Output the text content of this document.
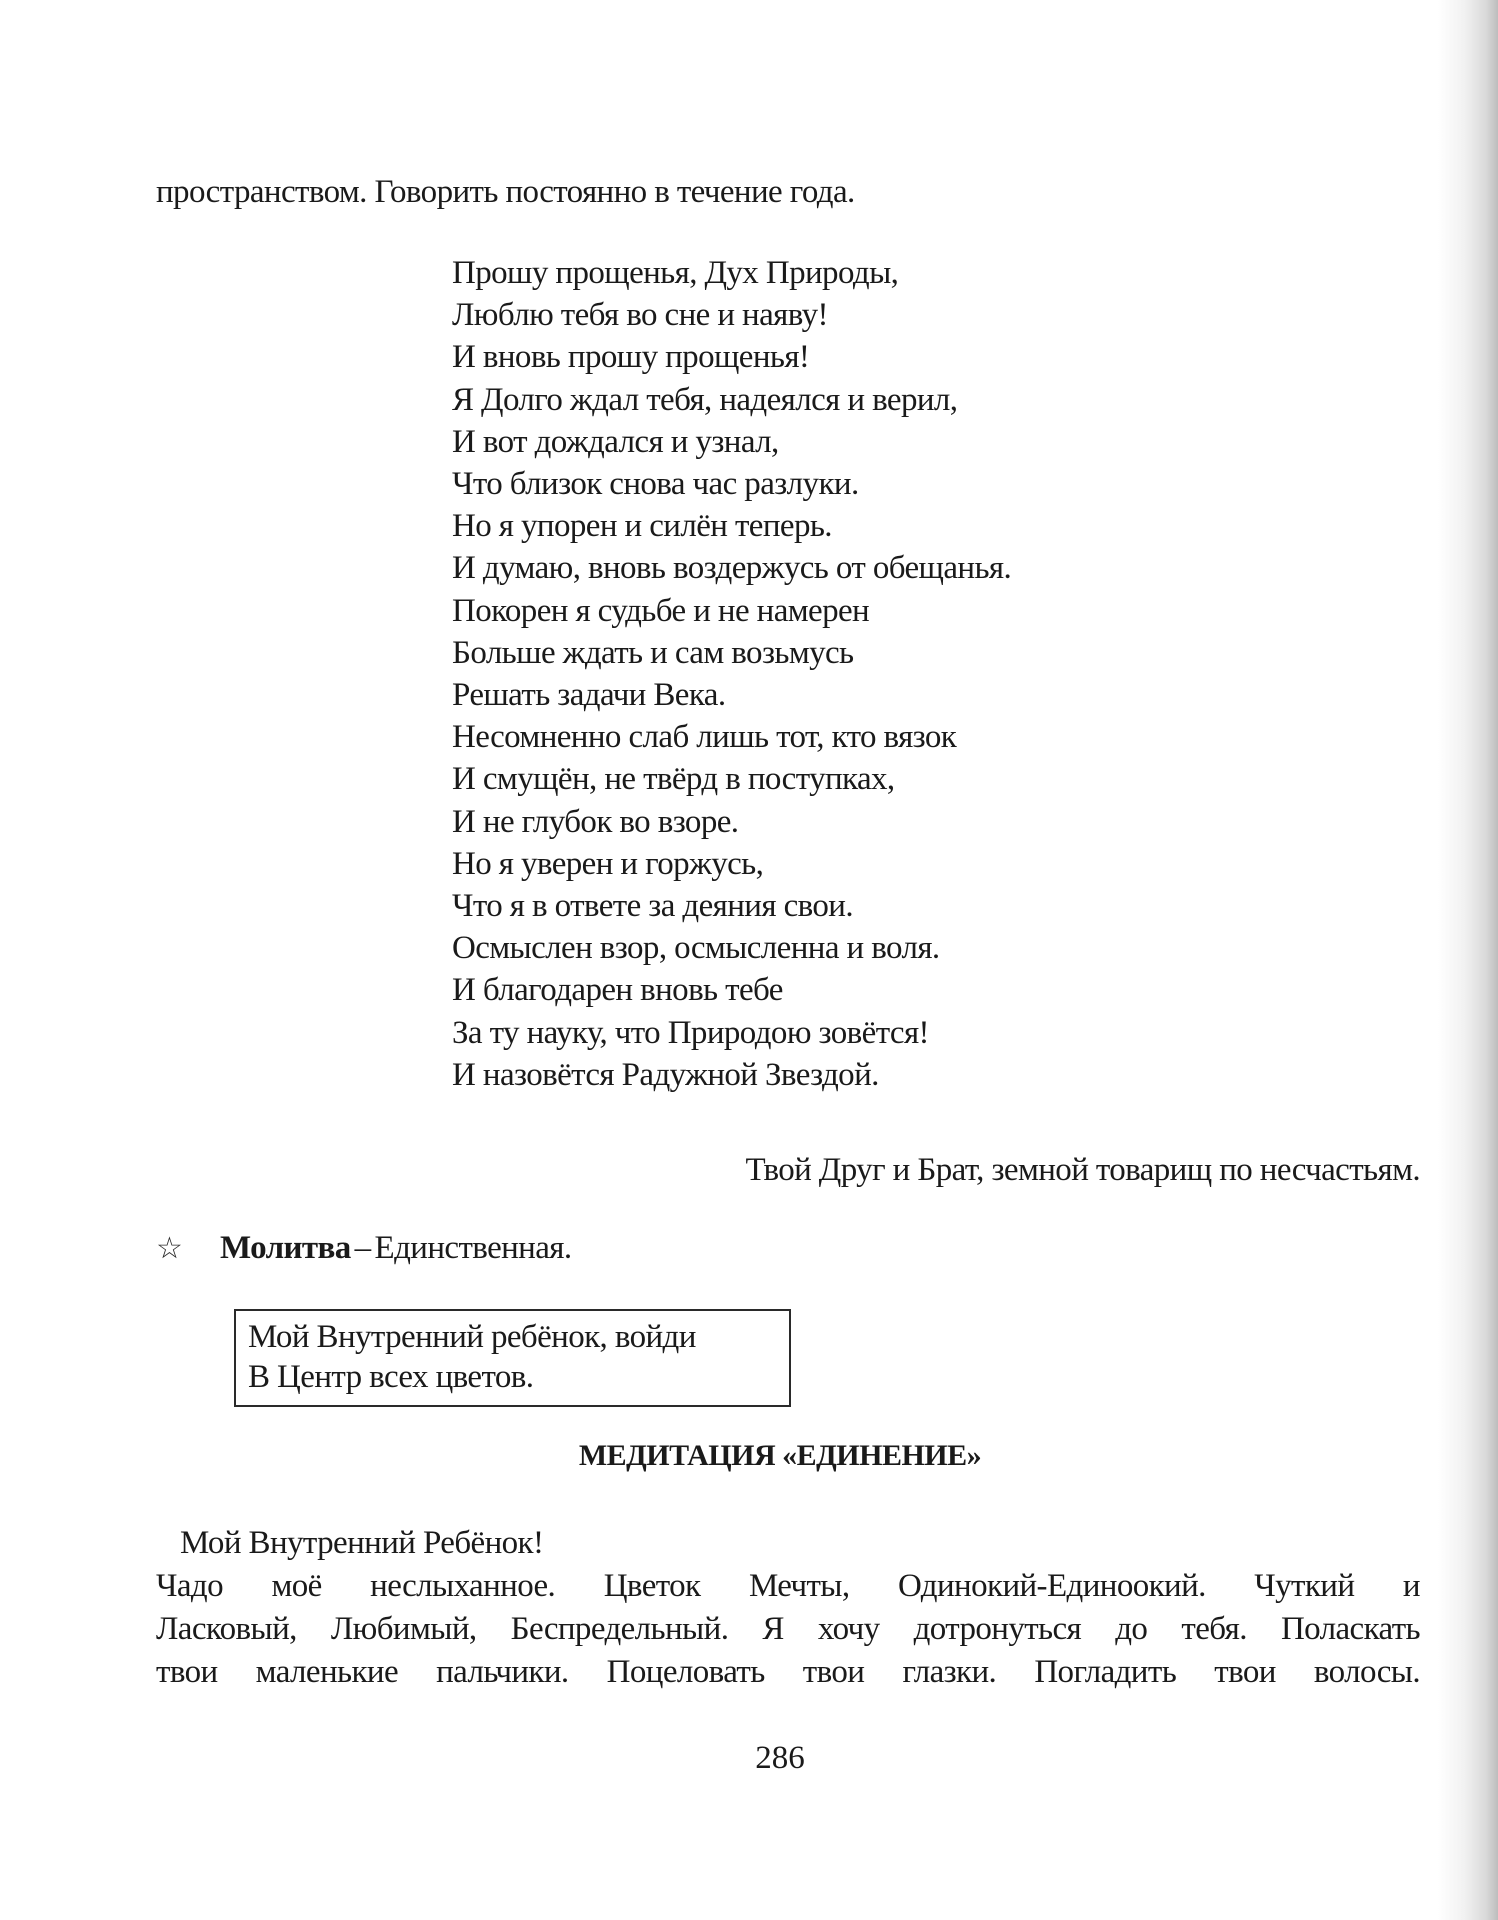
пространством. Говорить постоянно в течение года.
Прошу прощенья, Дух Природы,
Люблю тебя во сне и наяву!
И вновь прошу прощенья!
Я Долго ждал тебя, надеялся и верил,
И вот дождался и узнал,
Что близок снова час разлуки.
Но я упорен и силён теперь.
И думаю, вновь воздержусь от обещанья.
Покорен я судьбе и не намерен
Больше ждать и сам возьмусь
Решать задачи Века.
Несомненно слаб лишь тот, кто вязок
И смущён, не твёрд в поступках,
И не глубок во взоре.
Но я уверен и горжусь,
Что я в ответе за деяния свои.
Осмыслен взор, осмысленна и воля.
И благодарен вновь тебе
За ту науку, что Природою зовётся!
И назовётся Радужной Звездой.
Твой Друг и Брат, земной товарищ по несчастьям.
☆	Молитва – Единственная.
Мой Внутренний ребёнок, войди
В Центр всех цветов.
МЕДИТАЦИЯ «ЕДИНЕНИЕ»
Мой Внутренний Ребёнок!
Чадо моё неслыханное. Цветок Мечты, Одинокий-Единоокий. Чуткий и
Ласковый, Любимый, Беспредельный. Я хочу дотронуться до тебя. Поласкать
твои маленькие пальчики. Поцеловать твои глазки. Погладить твои волосы.
286
